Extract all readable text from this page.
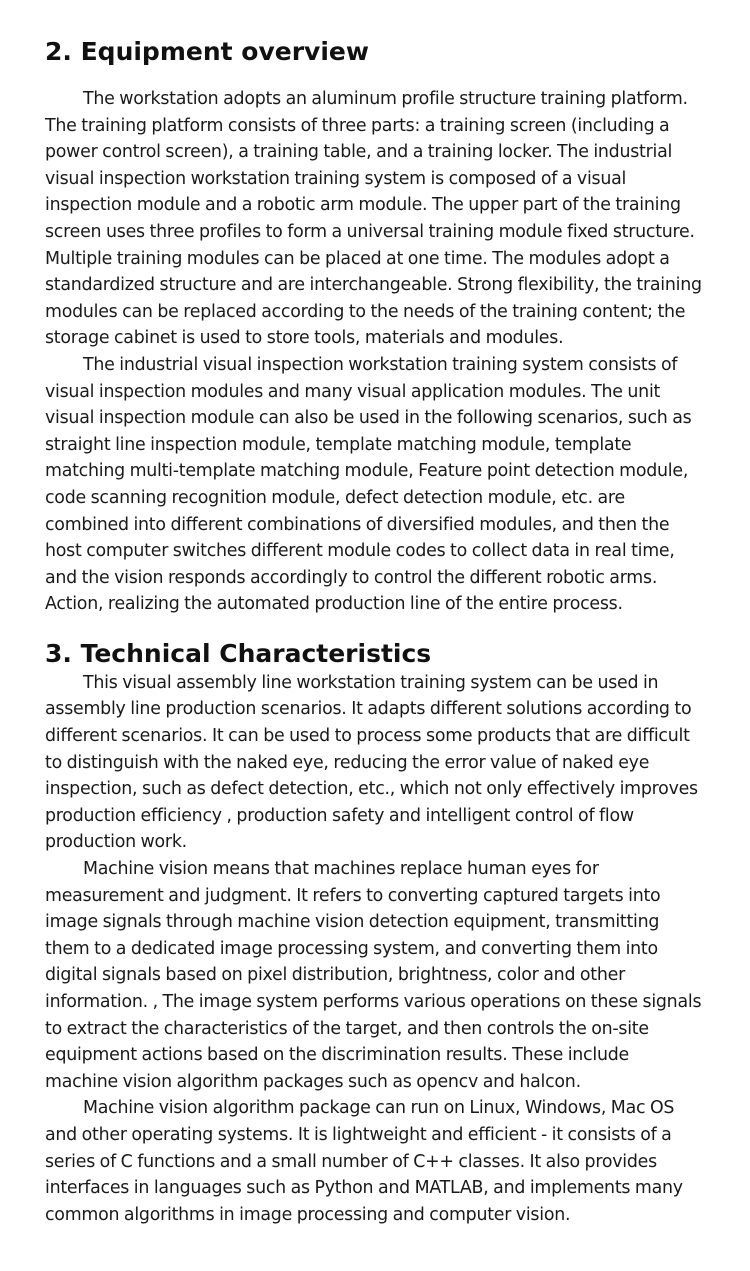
2. Equipment overview

The workstation adopts an aluminum profile structure training platform. The training platform consists of three parts: a training screen (including a power control screen), a training table, and a training locker. The industrial visual inspection workstation training system is composed of a visual inspection module and a robotic arm module. The upper part of the training screen uses three profiles to form a universal training module fixed structure. Multiple training modules can be placed at one time. The modules adopt a standardized structure and are interchangeable. Strong flexibility, the training modules can be replaced according to the needs of the training content; the storage cabinet is used to store tools, materials and modules.

The industrial visual inspection workstation training system consists of visual inspection modules and many visual application modules. The unit visual inspection module can also be used in the following scenarios, such as straight line inspection module, template matching module, template matching multi-template matching module, Feature point detection module, code scanning recognition module, defect detection module, etc. are combined into different combinations of diversified modules, and then the host computer switches different module codes to collect data in real time, and the vision responds accordingly to control the different robotic arms. Action, realizing the automated production line of the entire process.

3. Technical Characteristics

This visual assembly line workstation training system can be used in assembly line production scenarios. It adapts different solutions according to different scenarios. It can be used to process some products that are difficult to distinguish with the naked eye, reducing the error value of naked eye inspection, such as defect detection, etc., which not only effectively improves production efficiency , production safety and intelligent control of flow production work.

Machine vision means that machines replace human eyes for measurement and judgment. It refers to converting captured targets into image signals through machine vision detection equipment, transmitting them to a dedicated image processing system, and converting them into digital signals based on pixel distribution, brightness, color and other information. , The image system performs various operations on these signals to extract the characteristics of the target, and then controls the on-site equipment actions based on the discrimination results. These include machine vision algorithm packages such as opencv and halcon.

Machine vision algorithm package can run on Linux, Windows, Mac OS and other operating systems. It is lightweight and efficient - it consists of a series of C functions and a small number of C++ classes. It also provides interfaces in languages such as Python and MATLAB, and implements many common algorithms in image processing and computer vision.
